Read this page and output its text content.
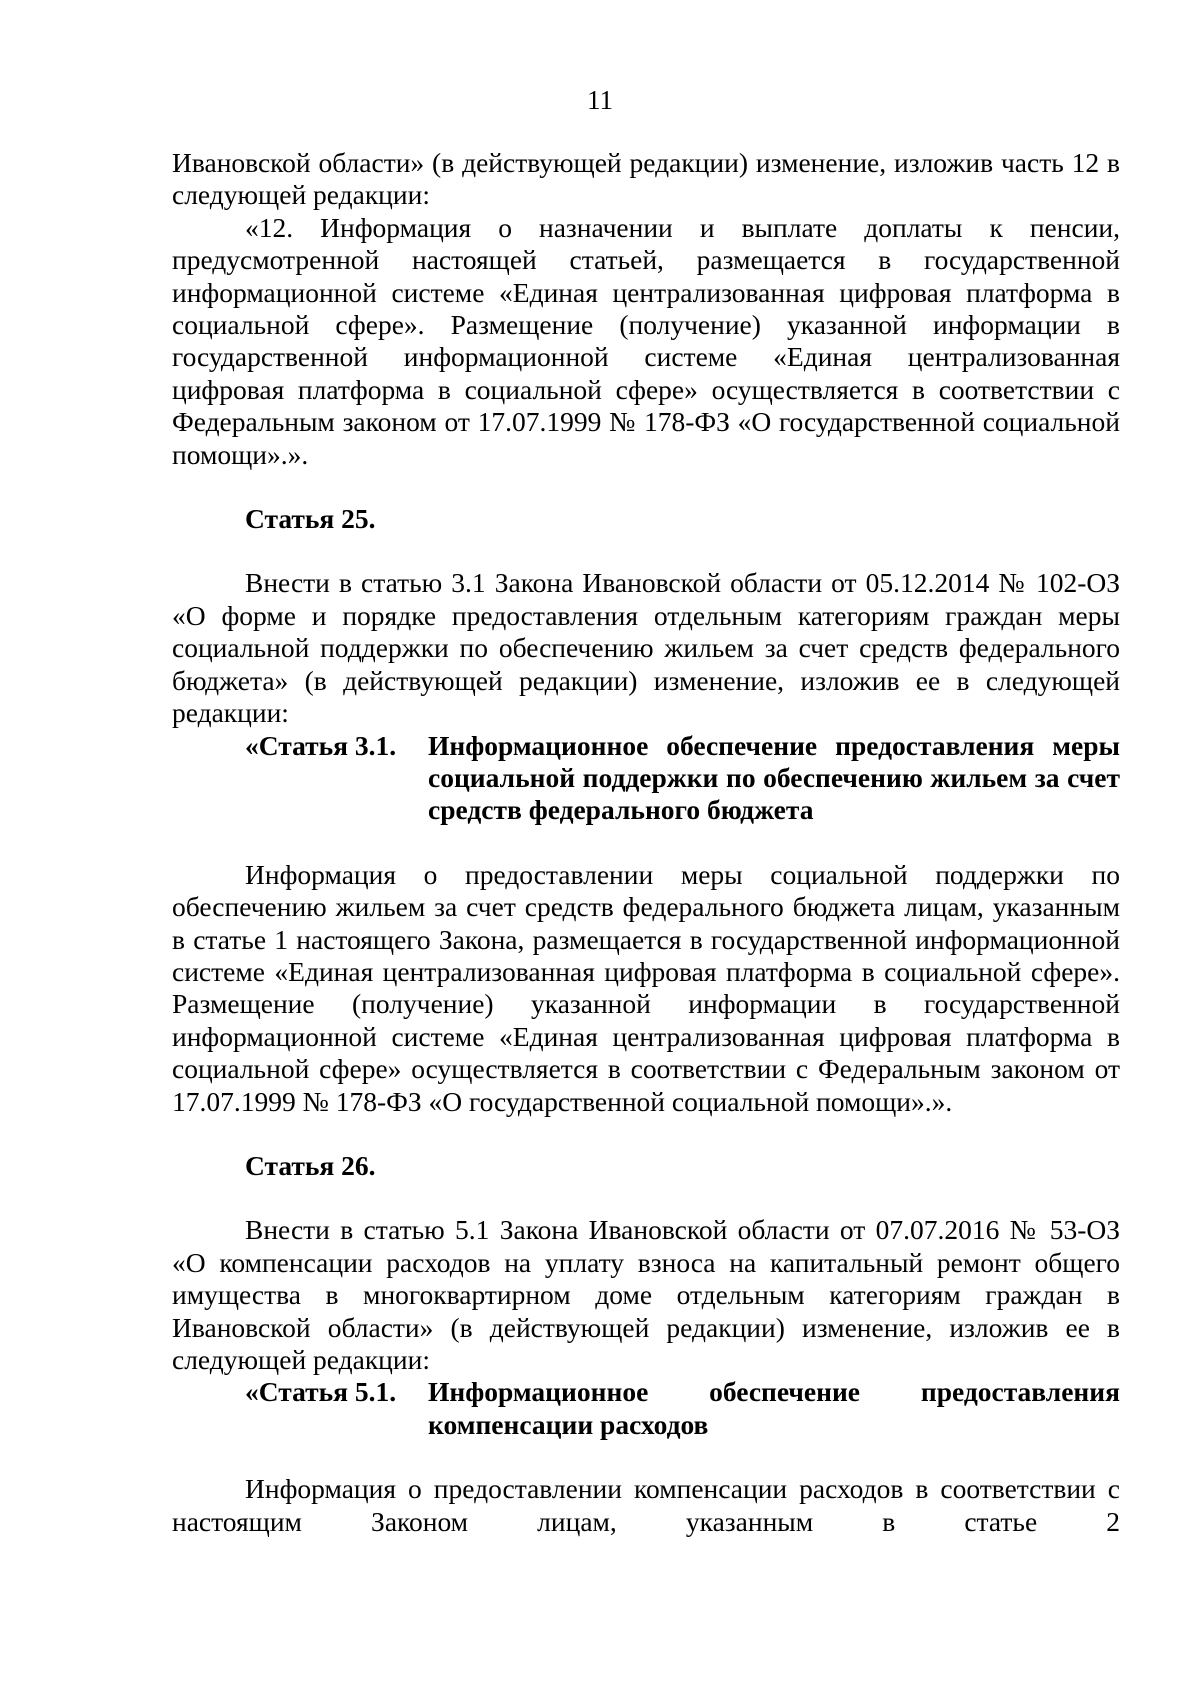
11

Ивановской области» (в действующей редакции) изменение, изложив часть 12 в следующей редакции:

«12. Информация о назначении и выплате доплаты к пенсии, предусмотренной настоящей статьей, размещается в государственной информационной системе «Единая централизованная цифровая платформа в социальной сфере». Размещение (получение) указанной информации в государственной информационной системе «Единая централизованная цифровая платформа в социальной сфере» осуществляется в соответствии с Федеральным законом от 17.07.1999 № 178-ФЗ «О государственной социальной помощи».».

Статья 25.

Внести в статью 3.1 Закона Ивановской области от 05.12.2014 № 102-ОЗ «О форме и порядке предоставления отдельным категориям граждан меры социальной поддержки по обеспечению жильем за счет средств федерального бюджета» (в действующей редакции) изменение, изложив ее в следующей редакции:

«Статья 3.1.	Информационное обеспечение предоставления меры социальной поддержки по обеспечению жильем за счет средств федерального бюджета

Информация о предоставлении меры социальной поддержки по обеспечению жильем за счет средств федерального бюджета лицам, указанным в статье 1 настоящего Закона, размещается в государственной информационной системе «Единая централизованная цифровая платформа в социальной сфере». Размещение (получение) указанной информации в государственной информационной системе «Единая централизованная цифровая платформа в социальной сфере» осуществляется в соответствии с Федеральным законом от 17.07.1999 № 178-ФЗ «О государственной социальной помощи».».

Статья 26.

Внести в статью 5.1 Закона Ивановской области от 07.07.2016 № 53-ОЗ «О компенсации расходов на уплату взноса на капитальный ремонт общего имущества в многоквартирном доме отдельным категориям граждан в Ивановской области» (в действующей редакции) изменение, изложив ее в следующей редакции:

«Статья 5.1.	Информационное обеспечение предоставления компенсации расходов

Информация о предоставлении компенсации расходов в соответствии с настоящим Законом лицам, указанным в статье 2
